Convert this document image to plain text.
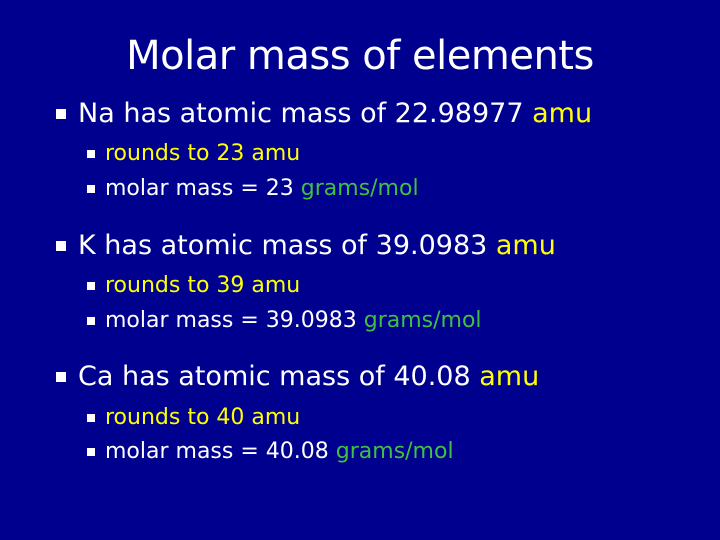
Molar mass of elements
Na has atomic mass of 22.98977 amu
rounds to 23 amu
molar mass = 23 grams/mol
K has atomic mass of 39.0983 amu
rounds to 39 amu
molar mass = 39.0983 grams/mol
Ca has atomic mass of 40.08 amu
rounds to 40 amu
molar mass = 40.08 grams/mol
